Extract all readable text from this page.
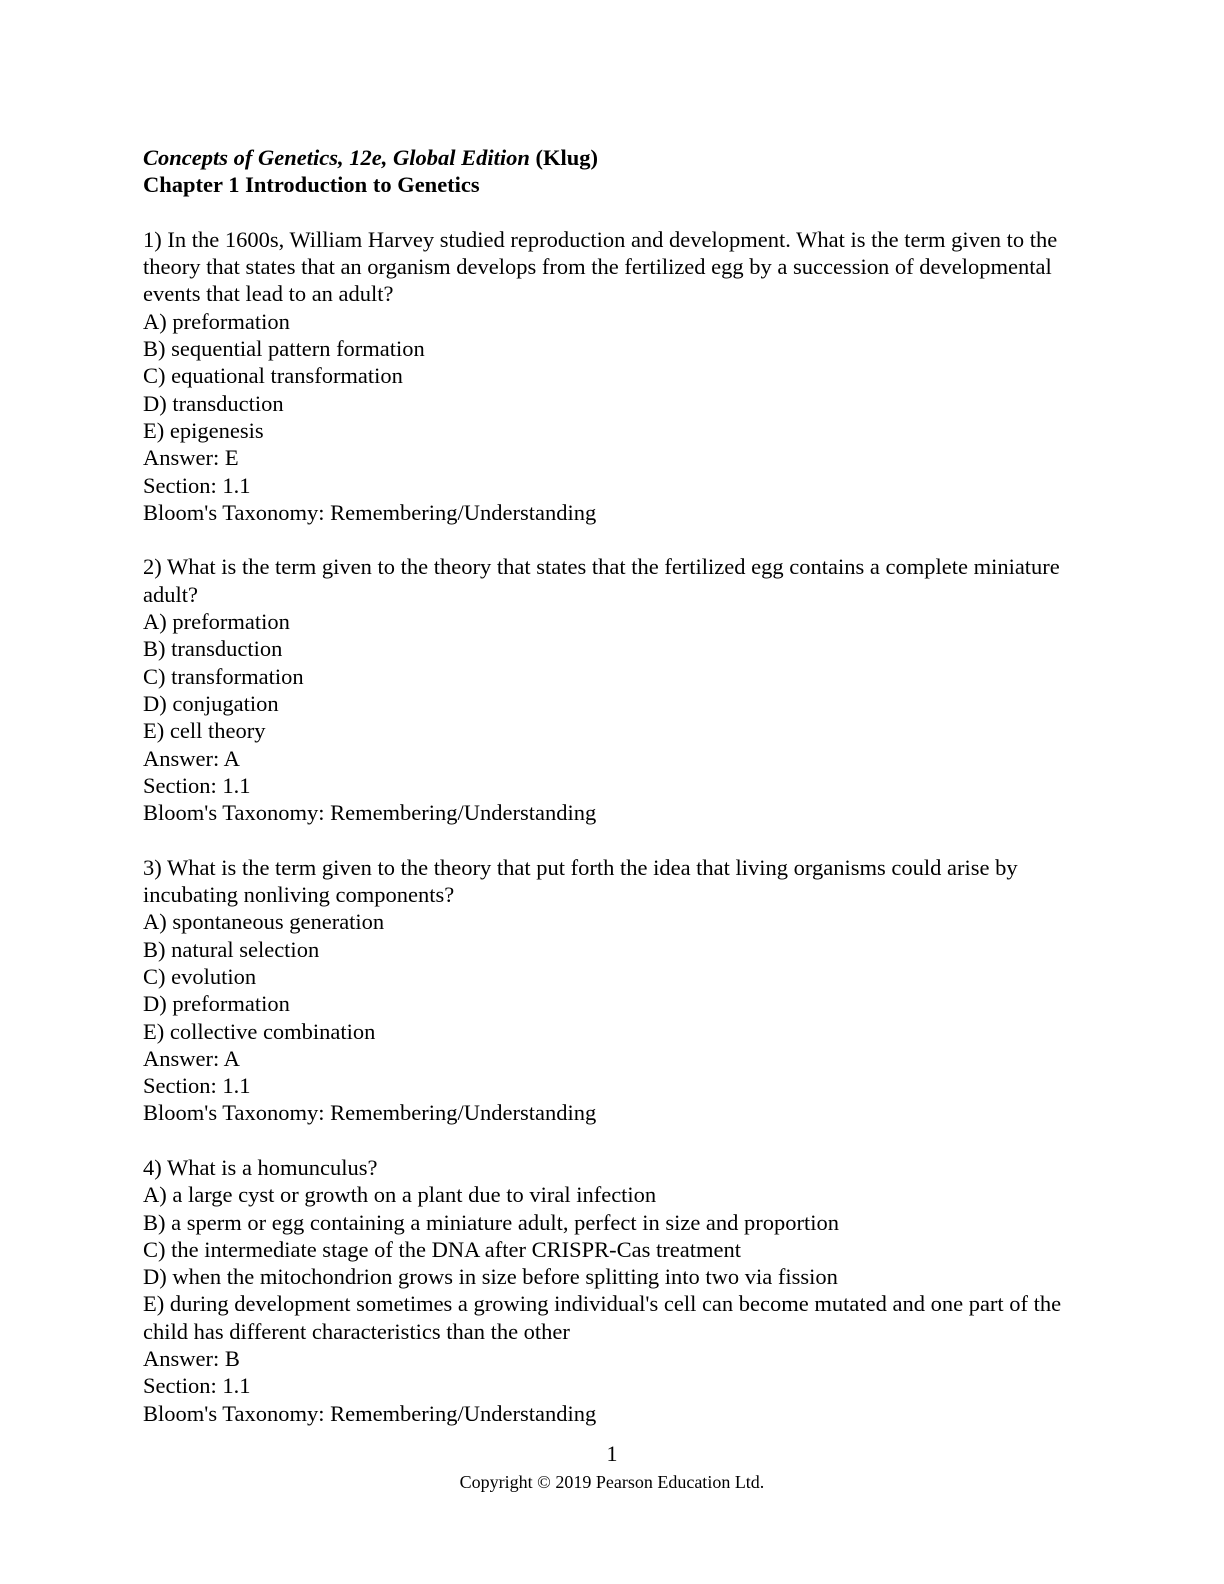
Concepts of Genetics, 12e, Global Edition (Klug)
Chapter 1 Introduction to Genetics
1) In the 1600s, William Harvey studied reproduction and development. What is the term given to the theory that states that an organism develops from the fertilized egg by a succession of developmental events that lead to an adult?
A) preformation
B) sequential pattern formation
C) equational transformation
D) transduction
E) epigenesis
Answer: E
Section: 1.1
Bloom's Taxonomy: Remembering/Understanding
2) What is the term given to the theory that states that the fertilized egg contains a complete miniature adult?
A) preformation
B) transduction
C) transformation
D) conjugation
E) cell theory
Answer: A
Section: 1.1
Bloom's Taxonomy: Remembering/Understanding
3) What is the term given to the theory that put forth the idea that living organisms could arise by incubating nonliving components?
A) spontaneous generation
B) natural selection
C) evolution
D) preformation
E) collective combination
Answer: A
Section: 1.1
Bloom's Taxonomy: Remembering/Understanding
4) What is a homunculus?
A) a large cyst or growth on a plant due to viral infection
B) a sperm or egg containing a miniature adult, perfect in size and proportion
C) the intermediate stage of the DNA after CRISPR-Cas treatment
D) when the mitochondrion grows in size before splitting into two via fission
E) during development sometimes a growing individual's cell can become mutated and one part of the child has different characteristics than the other
Answer: B
Section: 1.1
Bloom's Taxonomy: Remembering/Understanding
1
Copyright © 2019 Pearson Education Ltd.
